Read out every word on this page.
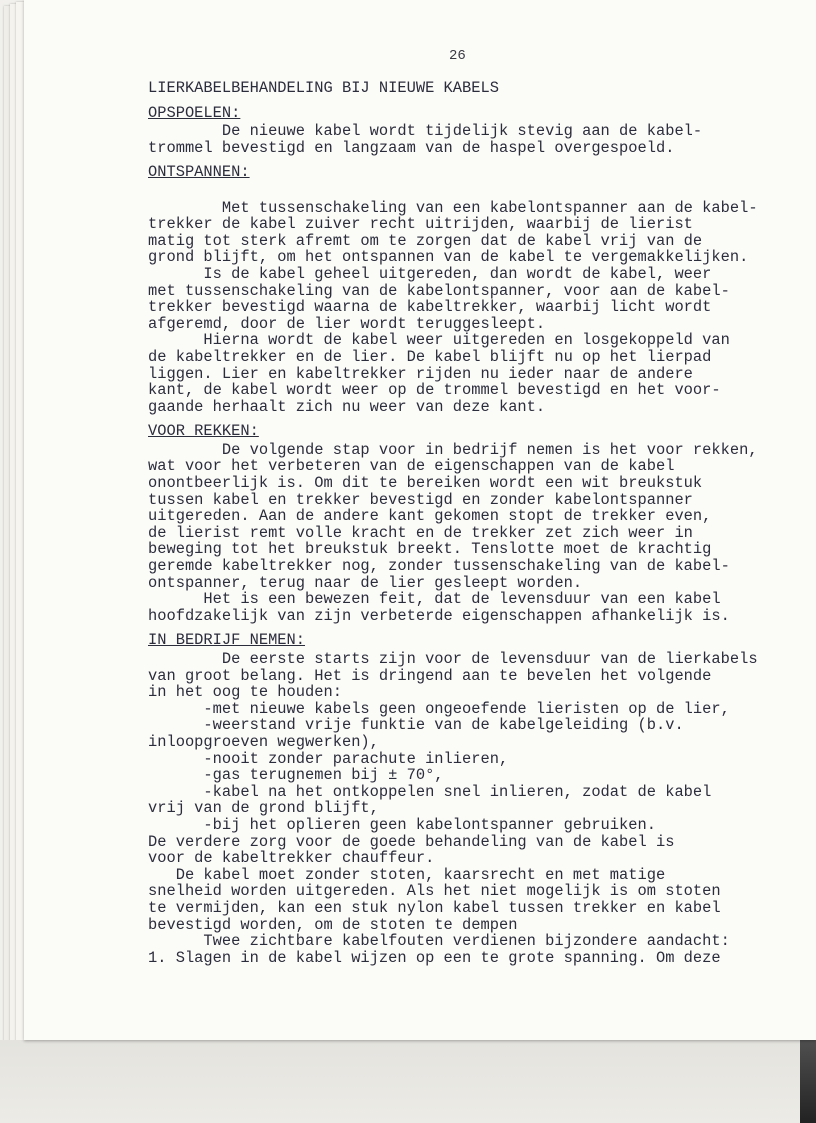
26
LIERKABELBEHANDELING BIJ NIEUWE KABELS
OPSPOELEN:
De nieuwe kabel wordt tijdelijk stevig aan de kabel-
trommel bevestigd en langzaam van de haspel overgespoeld.
ONTSPANNEN:
Met tussenschakeling van een kabelontspanner aan de kabel-
trekker de kabel zuiver recht uitrijden, waarbij de lierist
matig tot sterk afremt om te zorgen dat de kabel vrij van de
grond blijft, om het ontspannen van de kabel te vergemakkelijken.
Is de kabel geheel uitgereden, dan wordt de kabel, weer
met tussenschakeling van de kabelontspanner, voor aan de kabel-
trekker bevestigd waarna de kabeltrekker, waarbij licht wordt
afgeremd, door de lier wordt teruggesleept.
Hierna wordt de kabel weer uitgereden en losgekoppeld van
de kabeltrekker en de lier. De kabel blijft nu op het lierpad
liggen. Lier en kabeltrekker rijden nu ieder naar de andere
kant, de kabel wordt weer op de trommel bevestigd en het voor-
gaande herhaalt zich nu weer van deze kant.
VOOR REKKEN:
De volgende stap voor in bedrijf nemen is het voor rekken,
wat voor het verbeteren van de eigenschappen van de kabel
onontbeerlijk is. Om dit te bereiken wordt een wit breukstuk
tussen kabel en trekker bevestigd en zonder kabelontspanner
uitgereden. Aan de andere kant gekomen stopt de trekker even,
de lierist remt volle kracht en de trekker zet zich weer in
beweging tot het breukstuk breekt. Tenslotte moet de krachtig
geremde kabeltrekker nog, zonder tussenschakeling van de kabel-
ontspanner, terug naar de lier gesleept worden.
Het is een bewezen feit, dat de levensduur van een kabel
hoofdzakelijk van zijn verbeterde eigenschappen afhankelijk is.
IN BEDRIJF NEMEN:
De eerste starts zijn voor de levensduur van de lierkabels
van groot belang. Het is dringend aan te bevelen het volgende
in het oog te houden:
-met nieuwe kabels geen ongeoefende lieristen op de lier,
-weerstand vrije funktie van de kabelgeleiding (b.v.
inloopgroeven wegwerken),
-nooit zonder parachute inlieren,
-gas terugnemen bij ± 70°,
-kabel na het ontkoppelen snel inlieren, zodat de kabel
vrij van de grond blijft,
-bij het oplieren geen kabelontspanner gebruiken.
De verdere zorg voor de goede behandeling van de kabel is
voor de kabeltrekker chauffeur.
De kabel moet zonder stoten, kaarsrecht en met matige
snelheid worden uitgereden. Als het niet mogelijk is om stoten
te vermijden, kan een stuk nylon kabel tussen trekker en kabel
bevestigd worden, om de stoten te dempen
Twee zichtbare kabelfouten verdienen bijzondere aandacht:
1. Slagen in de kabel wijzen op een te grote spanning. Om deze
